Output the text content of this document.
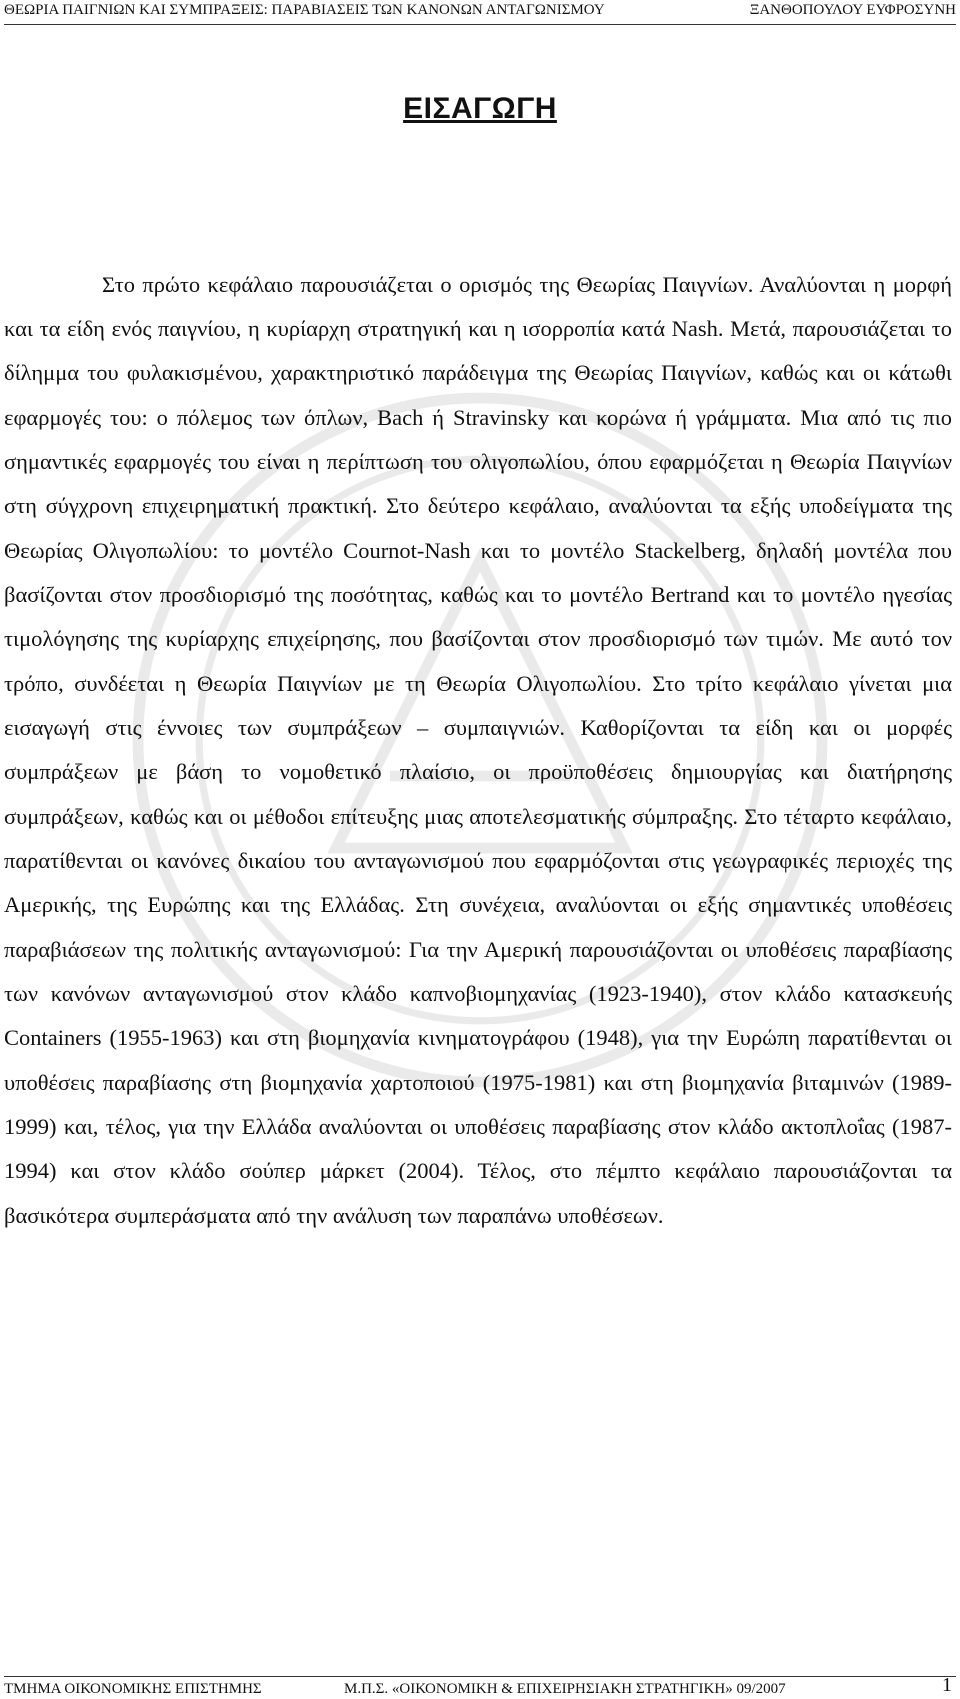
ΘΕΩΡΙΑ ΠΑΙΓΝΙΩΝ ΚΑΙ ΣΥΜΠΡΑΞΕΙΣ: ΠΑΡΑΒΙΑΣΕΙΣ ΤΩΝ ΚΑΝΟΝΩΝ ΑΝΤΑΓΩΝΙΣΜΟΥ	ΞΑΝΘΟΠΟΥΛΟΥ ΕΥΦΡΟΣΥΝΗ
ΕΙΣΑΓΩΓΗ

Στο πρώτο κεφάλαιο παρουσιάζεται ο ορισμός της Θεωρίας Παιγνίων. Αναλύονται η μορφή και τα είδη ενός παιγνίου, η κυρίαρχη στρατηγική και η ισορροπία κατά Nash. Μετά, παρουσιάζεται το δίλημμα του φυλακισμένου, χαρακτηριστικό παράδειγμα της Θεωρίας Παιγνίων, καθώς και οι κάτωθι εφαρμογές του: ο πόλεμος των όπλων, Bach ή Stravinsky και κορώνα ή γράμματα. Μια από τις πιο σημαντικές εφαρμογές του είναι η περίπτωση του ολιγοπωλίου, όπου εφαρμόζεται η Θεωρία Παιγνίων στη σύγχρονη επιχειρηματική πρακτική. Στο δεύτερο κεφάλαιο, αναλύονται τα εξής υποδείγματα της Θεωρίας Ολιγοπωλίου: το μοντέλο Cournot-Nash και το μοντέλο Stackelberg, δηλαδή μοντέλα που βασίζονται στον προσδιορισμό της ποσότητας, καθώς και το μοντέλο Bertrand και το μοντέλο ηγεσίας τιμολόγησης της κυρίαρχης επιχείρησης, που βασίζονται στον προσδιορισμό των τιμών. Με αυτό τον τρόπο, συνδέεται η Θεωρία Παιγνίων με τη Θεωρία Ολιγοπωλίου. Στο τρίτο κεφάλαιο γίνεται μια εισαγωγή στις έννοιες των συμπράξεων – συμπαιγνιών. Καθορίζονται τα είδη και οι μορφές συμπράξεων με βάση το νομοθετικό πλαίσιο, οι προϋποθέσεις δημιουργίας και διατήρησης συμπράξεων, καθώς και οι μέθοδοι επίτευξης μιας αποτελεσματικής σύμπραξης. Στο τέταρτο κεφάλαιο, παρατίθενται οι κανόνες δικαίου του ανταγωνισμού που εφαρμόζονται στις γεωγραφικές περιοχές της Αμερικής, της Ευρώπης και της Ελλάδας. Στη συνέχεια, αναλύονται οι εξής σημαντικές υποθέσεις παραβιάσεων της πολιτικής ανταγωνισμού: Για την Αμερική παρουσιάζονται οι υποθέσεις παραβίασης των κανόνων ανταγωνισμού στον κλάδο καπνοβιομηχανίας (1923-1940), στον κλάδο κατασκευής Containers (1955-1963) και στη βιομηχανία κινηματογράφου (1948), για την Ευρώπη παρατίθενται οι υποθέσεις παραβίασης στη βιομηχανία χαρτοποιού (1975-1981) και στη βιομηχανία βιταμινών (1989-1999) και, τέλος, για την Ελλάδα αναλύονται οι υποθέσεις παραβίασης στον κλάδο ακτοπλοΐας (1987-1994) και στον κλάδο σούπερ μάρκετ (2004). Τέλος, στο πέμπτο κεφάλαιο παρουσιάζονται τα βασικότερα συμπεράσματα από την ανάλυση των παραπάνω υποθέσεων.

ΤΜΗΜΑ ΟΙΚΟΝΟΜΙΚΗΣ ΕΠΙΣΤΗΜΗΣ	Μ.Π.Σ. «ΟΙΚΟΝΟΜΙΚΗ & ΕΠΙΧΕΙΡΗΣΙΑΚΗ ΣΤΡΑΤΗΓΙΚΗ» 09/2007	1
